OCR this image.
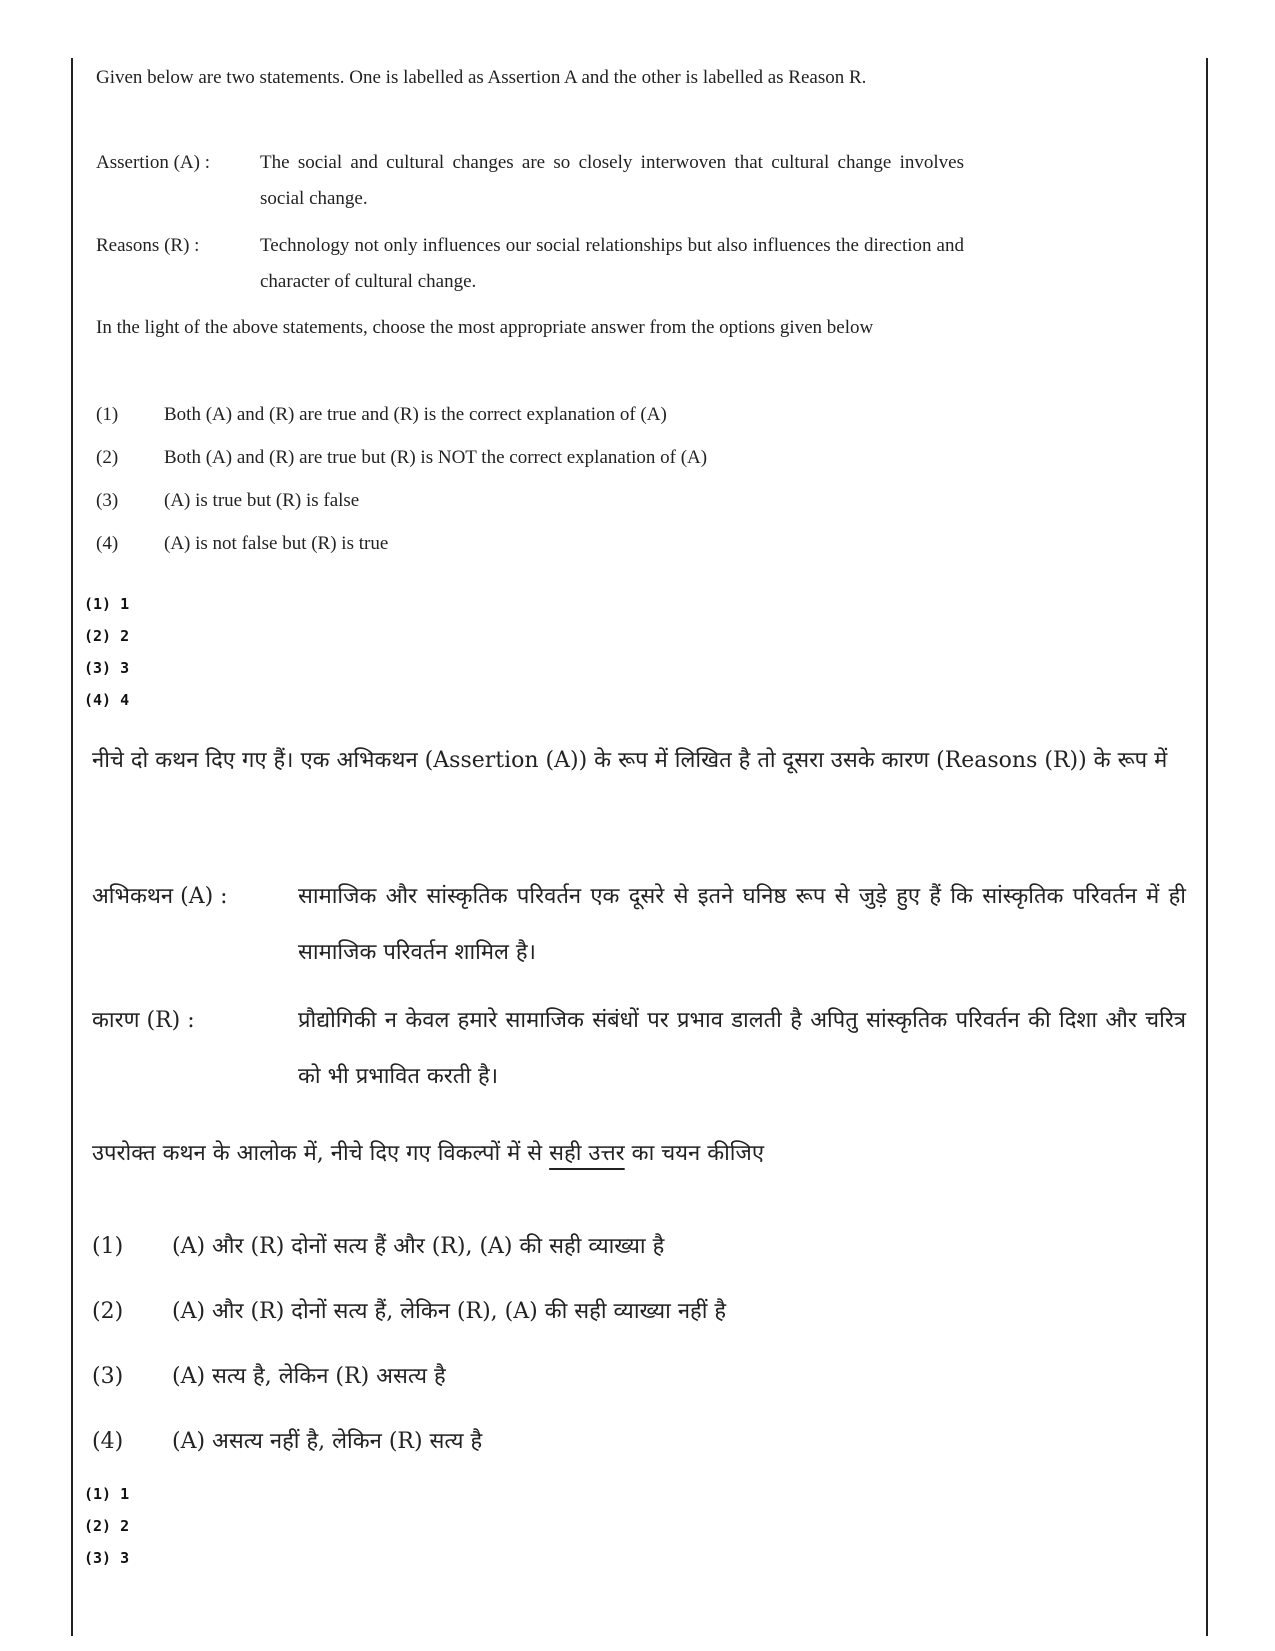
Given below are two statements. One is labelled as Assertion A and the other is labelled as Reason R.
Assertion (A) :	The social and cultural changes are so closely interwoven that cultural change involves social change.
Reasons (R) :	Technology not only influences our social relationships but also influences the direction and character of cultural change.
In the light of the above statements, choose the most appropriate answer from the options given below
(1) Both (A) and (R) are true and (R) is the correct explanation of (A)
(2) Both (A) and (R) are true but (R) is NOT the correct explanation of (A)
(3) (A) is true but (R) is false
(4) (A) is not false but (R) is true
(1) 1
(2) 2
(3) 3
(4) 4
नीचे दो कथन दिए गए हैं। एक अभिकथन (Assertion (A)) के रूप में लिखित है तो दूसरा उसके कारण (Reasons (R)) के रूप में
अभिकथन (A) :	सामाजिक और सांस्कृतिक परिवर्तन एक दूसरे से इतने घनिष्ठ रूप से जुड़े हुए हैं कि सांस्कृतिक परिवर्तन में ही सामाजिक परिवर्तन शामिल है।
कारण (R) :	प्रौद्योगिकी न केवल हमारे सामाजिक संबंधों पर प्रभाव डालती है अपितु सांस्कृतिक परिवर्तन की दिशा और चरित्र को भी प्रभावित करती है।
उपरोक्त कथन के आलोक में, नीचे दिए गए विकल्पों में से सही उत्तर का चयन कीजिए
(1) (A) और (R) दोनों सत्य हैं और (R), (A) की सही व्याख्या है
(2) (A) और (R) दोनों सत्य हैं, लेकिन (R), (A) की सही व्याख्या नहीं है
(3) (A) सत्य है, लेकिन (R) असत्य है
(4) (A) असत्य नहीं है, लेकिन (R) सत्य है
(1) 1
(2) 2
(3) 3
